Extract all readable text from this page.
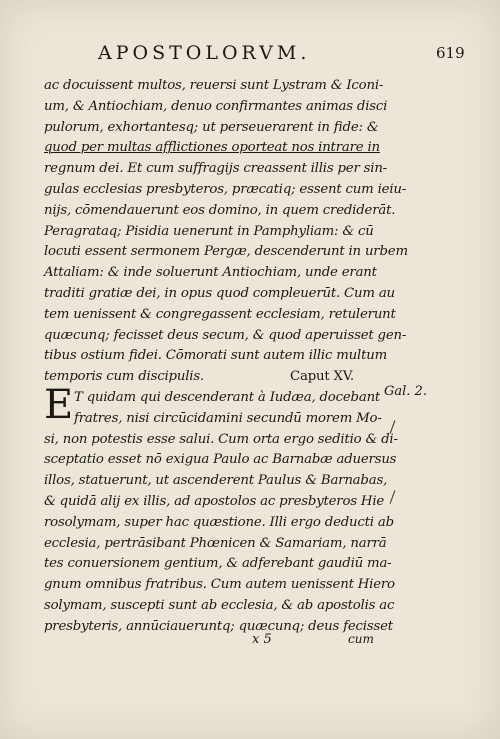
APOSTOLORVM.	619
ac docuissent multos, reuersi sunt Lystram & Iconi-
um, & Antiochiam, denuo confirmantes animas disci
pulorum, exhortantesq; ut perseuerarent in fide: &
quod per multas afflictiones oporteat nos intrare in
regnum dei. Et cum suffragijs creassent illis per sin-
gulas ecclesias presbyteros, præcatiq; essent cum ieiu-
nijs, cōmendauerunt eos domino, in quem crediderāt.
Peragrataq; Pisidia uenerunt in Pamphyliam: & cū
locuti essent sermonem Pergæ, descenderunt in urbem
Attaliam: & inde soluerunt Antiochiam, unde erant
traditi gratiæ dei, in opus quod compleuerūt. Cum au
tem uenissent & congregassent ecclesiam, retulerunt
quæcunq; fecisset deus secum, & quod aperuisset gen-
tibus ostium fidei. Cōmorati sunt autem illic multum
temporis cum discipulis.	Caput XV.
T quidam qui descenderant à Iudæa, docebant
fratres, nisi circūcidamini secundū morem Mo-
si, non potestis esse salui. Cum orta ergo seditio & di-
sceptatio esset nō exigua Paulo ac Barnabæ aduersus
illos, statuerunt, ut ascenderent Paulus & Barnabas,
& quidā alij ex illis, ad apostolos ac presbyteros Hie
rosolymam, super hac quæstione. Illi ergo deducti ab
ecclesia, pertrāsibant Phœnicen & Samariam, narrā
tes conuersionem gentium, & adferebant gaudiū ma-
gnum omnibus fratribus. Cum autem uenissent Hiero
solymam, suscepti sunt ab ecclesia, & ab apostolis ac
presbyteris, annūciaueruntq; quæcunq; deus fecisset
E	Gal. 2.
x 5	cum
